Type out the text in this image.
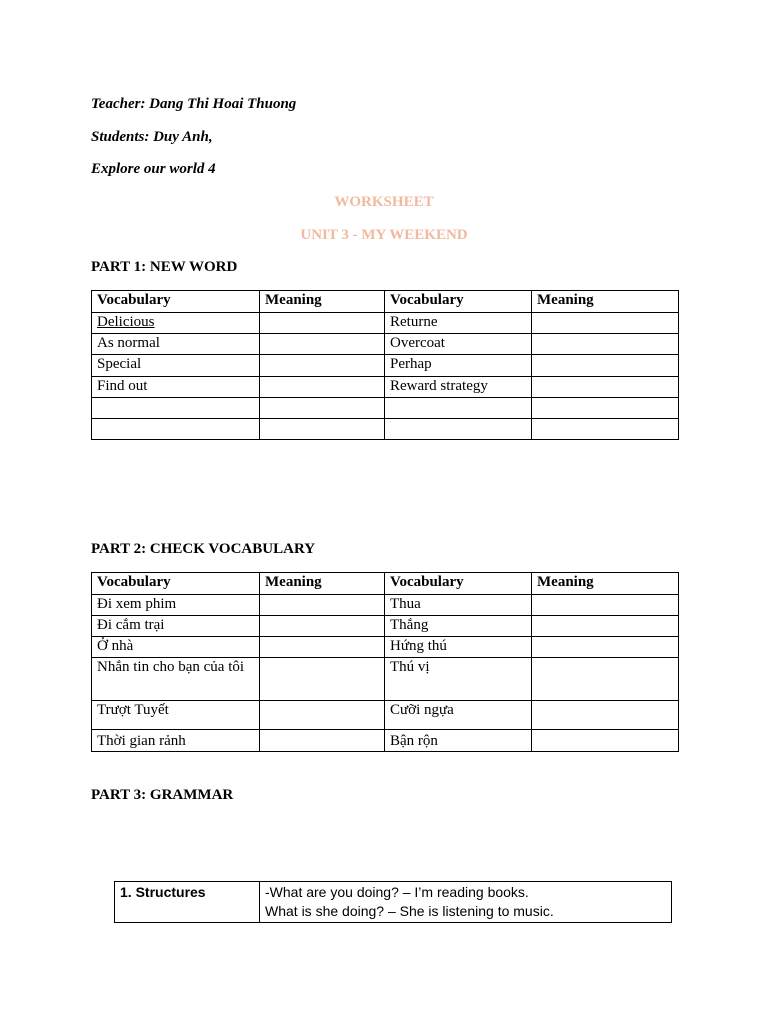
Teacher: Dang Thi Hoai Thuong
Students: Duy Anh,
Explore our world 4
WORKSHEET
UNIT 3 - MY WEEKEND
PART 1: NEW WORD
Vocabulary	Meaning	Vocabulary	Meaning
Delicious		Returne	
As normal		Overcoat	
Special		Perhap	
Find out		Reward strategy	

PART 2: CHECK VOCABULARY
Vocabulary	Meaning	Vocabulary	Meaning
Đi xem phim		Thua	
Đi cắm trại		Thắng	
Ở nhà		Hứng thú	
Nhắn tin cho bạn của tôi		Thú vị	
Trượt Tuyết		Cưỡi ngựa	
Thời gian rảnh		Bận rộn	
PART 3: GRAMMAR
1. Structures	-What are you doing? – I’m reading books.
What is she doing? – She is listening to music.
